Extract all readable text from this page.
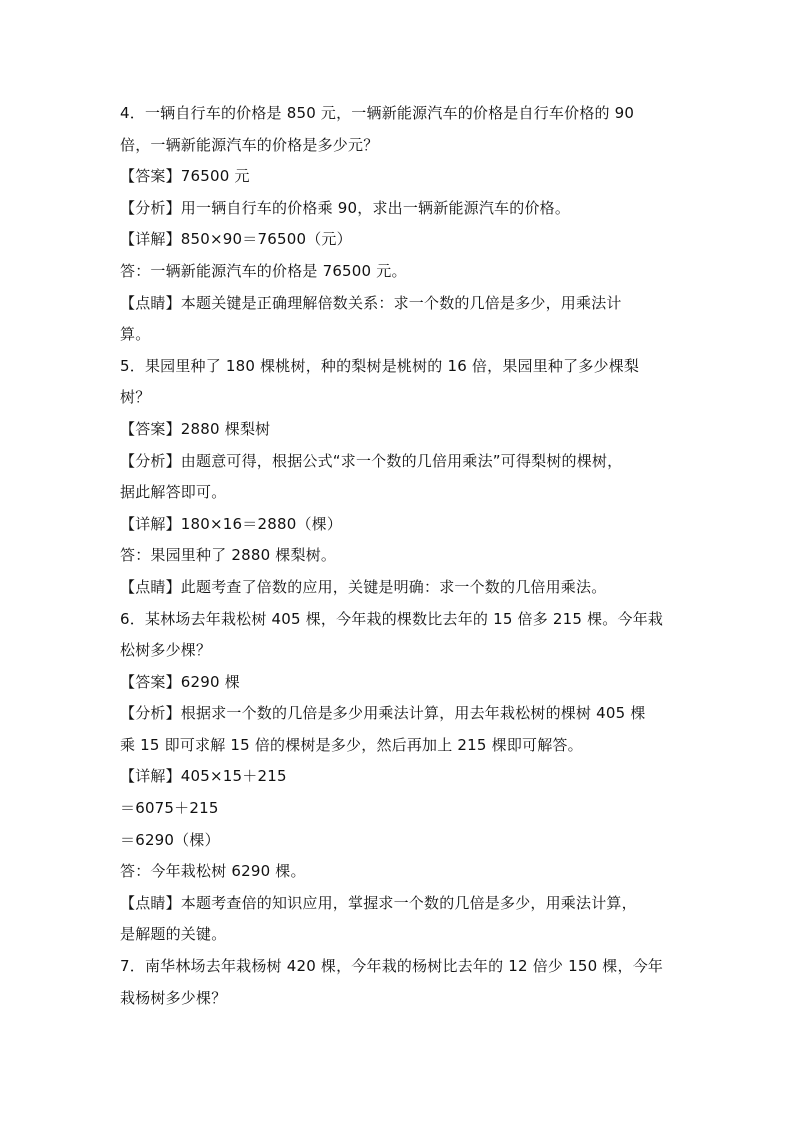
4．一辆自行车的价格是 850 元，一辆新能源汽车的价格是自行车价格的 90
倍，一辆新能源汽车的价格是多少元？
【答案】76500 元
【分析】用一辆自行车的价格乘 90，求出一辆新能源汽车的价格。
【详解】850×90＝76500（元）
答：一辆新能源汽车的价格是 76500 元。
【点睛】本题关键是正确理解倍数关系：求一个数的几倍是多少，用乘法计
算。
5．果园里种了 180 棵桃树，种的梨树是桃树的 16 倍，果园里种了多少棵梨
树？
【答案】2880 棵梨树
【分析】由题意可得，根据公式“求一个数的几倍用乘法”可得梨树的棵树，
据此解答即可。
【详解】180×16＝2880（棵）
答：果园里种了 2880 棵梨树。
【点睛】此题考查了倍数的应用，关键是明确：求一个数的几倍用乘法。
6．某林场去年栽松树 405 棵，今年栽的棵数比去年的 15 倍多 215 棵。今年栽
松树多少棵？
【答案】6290 棵
【分析】根据求一个数的几倍是多少用乘法计算，用去年栽松树的棵树 405 棵
乘 15 即可求解 15 倍的棵树是多少，然后再加上 215 棵即可解答。
【详解】405×15＋215
＝6075＋215
＝6290（棵）
答：今年栽松树 6290 棵。
【点睛】本题考查倍的知识应用，掌握求一个数的几倍是多少，用乘法计算，
是解题的关键。
7．南华林场去年栽杨树 420 棵，今年栽的杨树比去年的 12 倍少 150 棵，今年
栽杨树多少棵？
